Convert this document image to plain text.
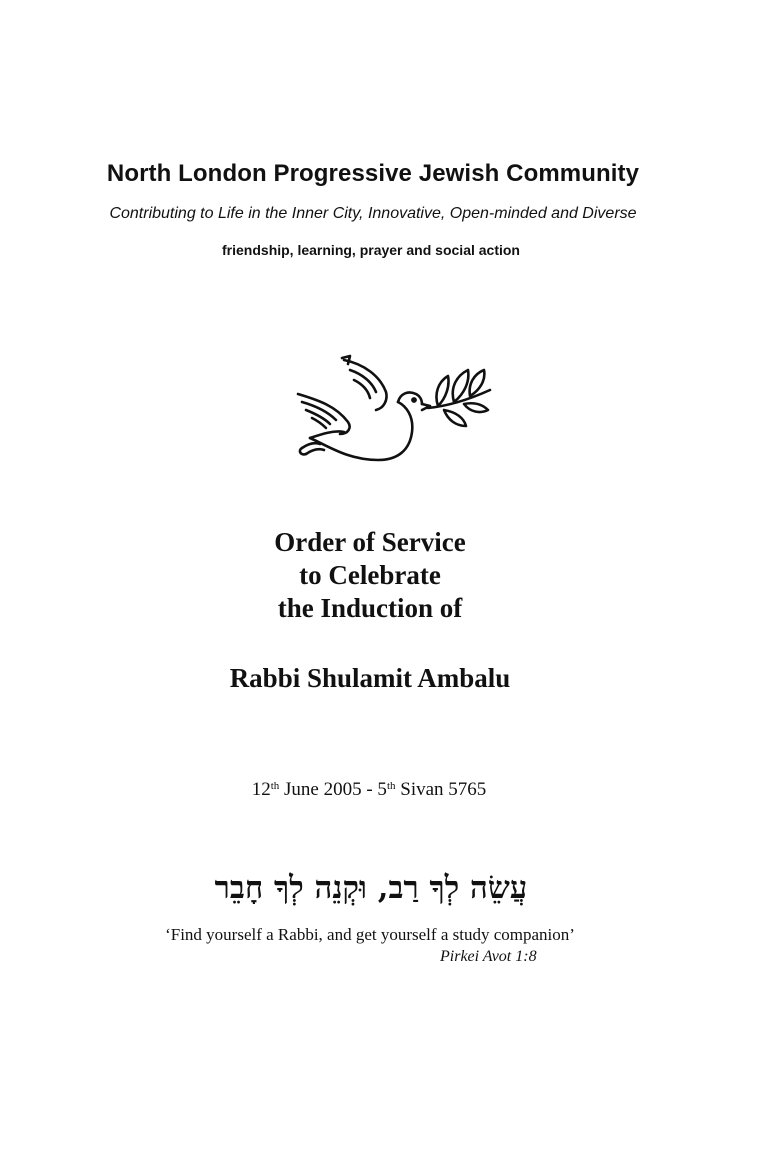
North London Progressive Jewish Community
Contributing to Life in the Inner City, Innovative, Open-minded and Diverse
friendship, learning, prayer and social action
Order of Service
to Celebrate
the Induction of
Rabbi Shulamit Ambalu
12th June 2005 - 5th Sivan 5765
עֲשֵׂה לְךָ רַב, וּקְנֵה לְךָ חָבֵר
‘Find yourself a Rabbi, and get yourself a study companion’
Pirkei Avot 1:8
